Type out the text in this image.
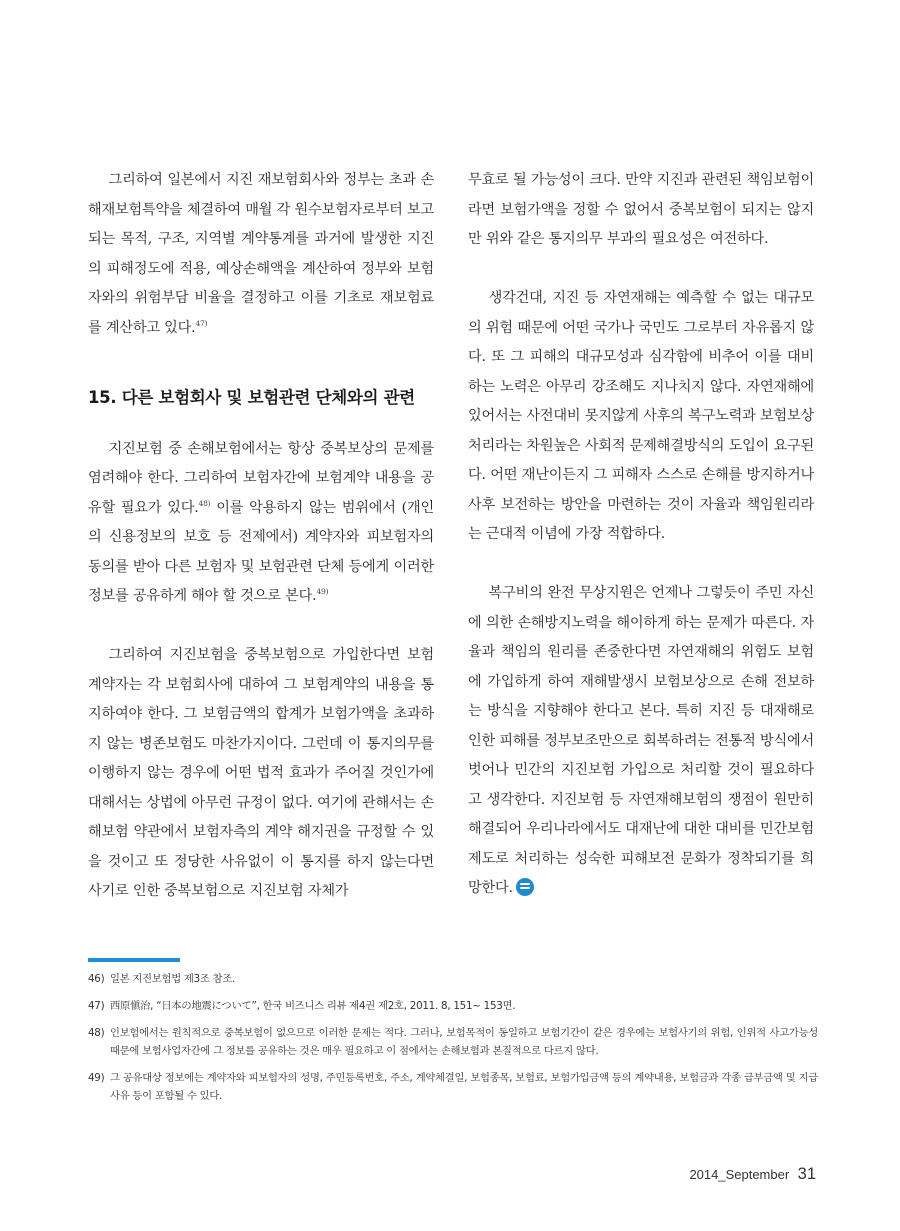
그리하여 일본에서 지진 재보험회사와 정부는 초과 손해재보험특약을 체결하여 매월 각 원수보험자로부터 보고되는 목적, 구조, 지역별 계약통계를 과거에 발생한 지진의 피해정도에 적용, 예상손해액을 계산하여 정부와 보험자와의 위험부담 비율을 결정하고 이를 기초로 재보험료를 계산하고 있다.$^{47)}$

15. 다른 보험회사 및 보험관련 단체와의 관련

지진보험 중 손해보험에서는 항상 중복보상의 문제를 염려해야 한다. 그리하여 보험자간에 보험계약 내용을 공유할 필요가 있다.$^{48)}$ 이를 악용하지 않는 범위에서 (개인의 신용정보의 보호 등 전제에서) 계약자와 피보험자의 동의를 받아 다른 보험자 및 보험관련 단체 등에게 이러한 정보를 공유하게 해야 할 것으로 본다.$^{49)}$

그리하여 지진보험을 중복보험으로 가입한다면 보험계약자는 각 보험회사에 대하여 그 보험계약의 내용을 통지하여야 한다. 그 보험금액의 합계가 보험가액을 초과하지 않는 병존보험도 마찬가지이다. 그런데 이 통지의무를 이행하지 않는 경우에 어떤 법적 효과가 주어질 것인가에 대해서는 상법에 아무런 규정이 없다. 여기에 관해서는 손해보험 약관에서 보험자측의 계약 해지권을 규정할 수 있을 것이고 또 정당한 사유없이 이 통지를 하지 않는다면 사기로 인한 중복보험으로 지진보험 자체가

무효로 될 가능성이 크다. 만약 지진과 관련된 책임보험이라면 보험가액을 정할 수 없어서 중복보험이 되지는 않지만 위와 같은 통지의무 부과의 필요성은 여전하다.

생각건대, 지진 등 자연재해는 예측할 수 없는 대규모의 위험 때문에 어떤 국가나 국민도 그로부터 자유롭지 않다. 또 그 피해의 대규모성과 심각함에 비추어 이를 대비하는 노력은 아무리 강조해도 지나치지 않다. 자연재해에 있어서는 사전대비 못지않게 사후의 복구노력과 보험보상처리라는 차원높은 사회적 문제해결방식의 도입이 요구된다. 어떤 재난이든지 그 피해자 스스로 손해를 방지하거나 사후 보전하는 방안을 마련하는 것이 자율과 책임원리라는 근대적 이념에 가장 적합하다.

복구비의 완전 무상지원은 언제나 그렇듯이 주민 자신에 의한 손해방지노력을 해이하게 하는 문제가 따른다. 자율과 책임의 원리를 존중한다면 자연재해의 위험도 보험에 가입하게 하여 재해발생시 보험보상으로 손해 전보하는 방식을 지향해야 한다고 본다. 특히 지진 등 대재해로 인한 피해를 정부보조만으로 회복하려는 전통적 방식에서 벗어나 민간의 지진보험 가입으로 처리할 것이 필요하다고 생각한다. 지진보험 등 자연재해보험의 쟁점이 원만히 해결되어 우리나라에서도 대재난에 대한 대비를 민간보험제도로 처리하는 성숙한 피해보전 문화가 정착되기를 희망한다.

46) 일본 지진보험법 제3조 참조.
47) 西原愼治, “日本の地震について”, 한국 비즈니스 리뷰 제4권 제2호, 2011. 8, 151~ 153면.
48) 인보험에서는 원칙적으로 중복보험이 없으므로 이러한 문제는 적다. 그러나, 보험목적이 동일하고 보험기간이 같은 경우에는 보험사기의 위험, 인위적 사고가능성 때문에 보험사업자간에 그 정보를 공유하는 것은 매우 필요하고 이 점에서는 손해보험과 본질적으로 다르지 않다.
49) 그 공유대상 정보에는 계약자와 피보험자의 성명, 주민등록번호, 주소, 계약체결일, 보험종목, 보험료, 보험가입금액 등의 계약내용, 보험금과 각종 급부금액 및 지급사유 등이 포함될 수 있다.
2014_September 31
